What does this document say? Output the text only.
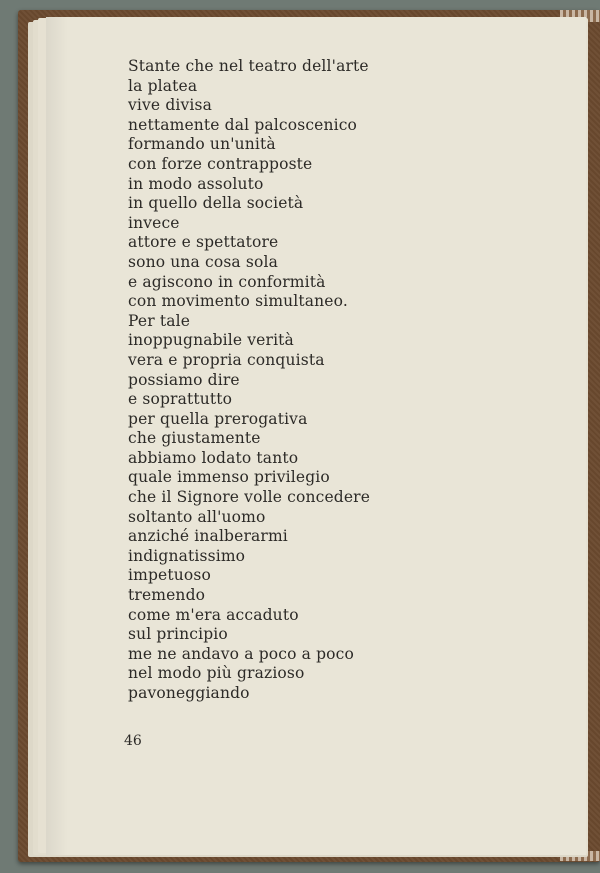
Stante che nel teatro dell'arte
la platea
vive divisa
nettamente dal palcoscenico
formando un'unità
con forze contrapposte
in modo assoluto
in quello della società
invece
attore e spettatore
sono una cosa sola
e agiscono in conformità
con movimento simultaneo.
Per tale
inoppugnabile verità
vera e propria conquista
possiamo dire
e soprattutto
per quella prerogativa
che giustamente
abbiamo lodato tanto
quale immenso privilegio
che il Signore volle concedere
soltanto all'uomo
anziché inalberarmi
indignatissimo
impetuoso
tremendo
come m'era accaduto
sul principio
me ne andavo a poco a poco
nel modo più grazioso
pavoneggiando
46
